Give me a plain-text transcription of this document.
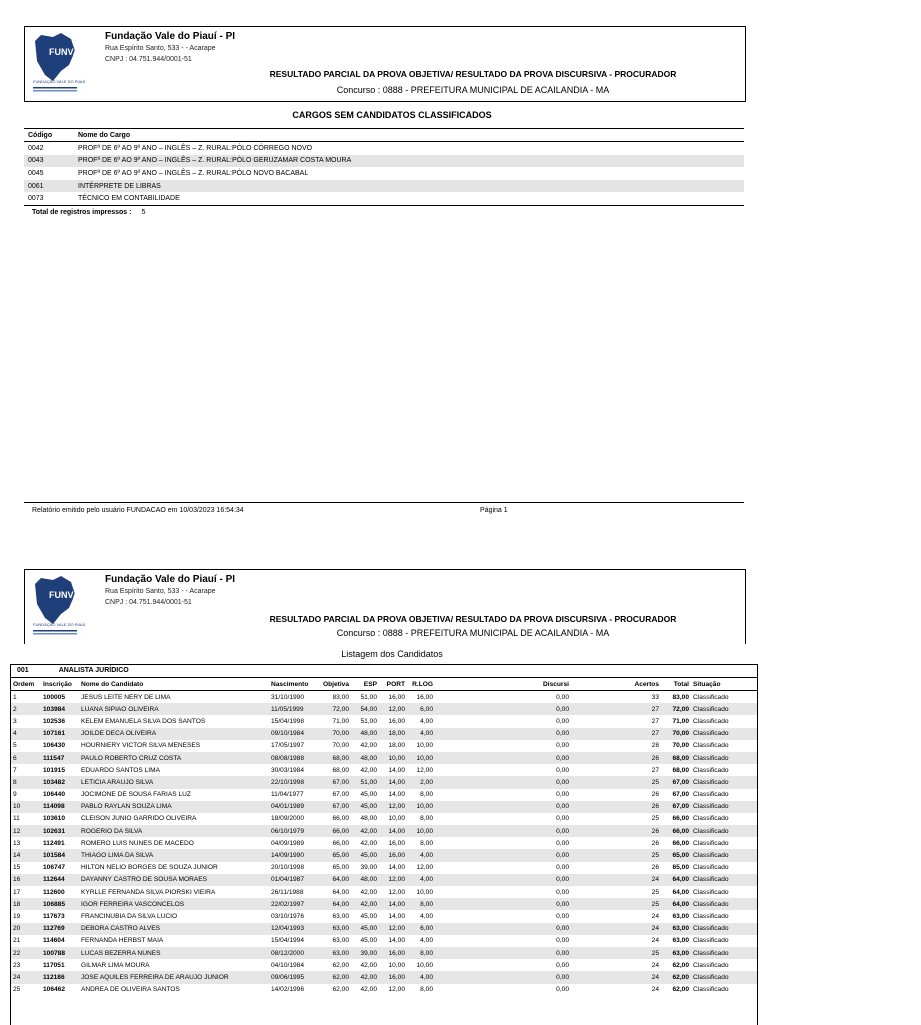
FUNVAPI
FUNDAÇÃO VALE DO PIAUÍ
Fundação Vale do Piauí - PI
Rua Espírito Santo, 533 - - Acarape
CNPJ : 04.751.944/0001-51
RESULTADO PARCIAL DA PROVA OBJETIVA/ RESULTADO DA PROVA DISCURSIVA - PROCURADOR
Concurso : 0888 - PREFEITURA MUNICIPAL DE ACAILANDIA - MA
CARGOS SEM CANDIDATOS CLASSIFICADOS
Código	Nome do Cargo
0042	PROFª DE 6º AO 9º ANO – INGLÊS – Z. RURAL:PÓLO CÓRREGO NOVO
0043	PROFª DE 6º AO 9º ANO – INGLÊS – Z. RURAL:PÓLO GERUZAMAR COSTA MOURA
0045	PROFª DE 6º AO 9º ANO – INGLÊS – Z. RURAL:PÓLO NOVO BACABAL
0061	INTÉRPRETE DE LIBRAS
0073	TÉCNICO EM CONTABILIDADE
Total de registros impressos : 5
Relatório emitido pelo usuário FUNDACAO em 10/03/2023 16:54:34	Página 1
FUNVAPI
FUNDAÇÃO VALE DO PIAUÍ
Fundação Vale do Piauí - PI
Rua Espírito Santo, 533 - - Acarape
CNPJ : 04.751.944/0001-51
RESULTADO PARCIAL DA PROVA OBJETIVA/ RESULTADO DA PROVA DISCURSIVA - PROCURADOR
Concurso : 0888 - PREFEITURA MUNICIPAL DE ACAILANDIA - MA
Listagem dos Candidatos
001	ANALISTA JURÍDICO
Ordem	Inscrição	Nome do Candidato	Nascimento	Objetiva	ESP	PORT	R.LOG	Discursi	Acertos	Total	Situação
1	100005	JESUS LEITE NERY DE LIMA	31/10/1990	83,00	51,00	16,00	16,00	0,00	33	83,00	Classificado
2	103984	LUANA SIPIAO OLIVEIRA	11/05/1999	72,00	54,00	12,00	6,00	0,00	27	72,00	Classificado
3	102536	KELEM EMANUELA SILVA DOS SANTOS	15/04/1998	71,00	51,00	16,00	4,00	0,00	27	71,00	Classificado
4	107161	JOILDE DECA OLIVEIRA	09/10/1984	70,00	48,00	18,00	4,00	0,00	27	70,00	Classificado
5	106430	HOURNIERY VICTOR SILVA MENESES	17/05/1997	70,00	42,00	18,00	10,00	0,00	28	70,00	Classificado
6	111547	PAULO ROBERTO CRUZ COSTA	08/08/1988	68,00	48,00	10,00	10,00	0,00	26	68,00	Classificado
7	101915	EDUARDO SANTOS LIMA	30/03/1984	68,00	42,00	14,00	12,00	0,00	27	68,00	Classificado
8	103482	LETICIA ARAUJO SILVA	22/10/1998	67,00	51,00	14,00	2,00	0,00	25	67,00	Classificado
9	106440	JOCIMONE DE SOUSA FARIAS LUZ	11/04/1977	67,00	45,00	14,00	8,00	0,00	26	67,00	Classificado
10	114098	PABLO RAYLAN SOUZA LIMA	04/01/1989	67,00	45,00	12,00	10,00	0,00	26	67,00	Classificado
11	103610	CLEISON JUNIO GARRIDO OLIVEIRA	18/09/2000	66,00	48,00	10,00	8,00	0,00	25	66,00	Classificado
12	102631	ROGERIO DA SILVA	06/10/1979	66,00	42,00	14,00	10,00	0,00	26	66,00	Classificado
13	112491	ROMERO LUIS NUNES DE MACEDO	04/09/1989	66,00	42,00	16,00	8,00	0,00	26	66,00	Classificado
14	101584	THIAGO LIMA DA SILVA	14/09/1990	65,00	45,00	16,00	4,00	0,00	25	65,00	Classificado
15	106747	HILTON NELIO BORGES DE SOUZA JUNIOR	20/10/1998	65,00	39,00	14,00	12,00	0,00	26	65,00	Classificado
16	112644	DAYANNY CASTRO DE SOUSA MORAES	01/04/1987	64,00	48,00	12,00	4,00	0,00	24	64,00	Classificado
17	112600	KYRLLE FERNANDA SILVA PIORSKI VIEIRA	26/11/1988	64,00	42,00	12,00	10,00	0,00	25	64,00	Classificado
18	106885	IGOR FERREIRA VASCONCELOS	22/02/1997	64,00	42,00	14,00	8,00	0,00	25	64,00	Classificado
19	117673	FRANCINUBIA DA SILVA LUCIO	03/10/1976	63,00	45,00	14,00	4,00	0,00	24	63,00	Classificado
20	112769	DEBORA CASTRO ALVES	12/04/1993	63,00	45,00	12,00	6,00	0,00	24	63,00	Classificado
21	114604	FERNANDA HERBST MAIA	15/04/1994	63,00	45,00	14,00	4,00	0,00	24	63,00	Classificado
22	100788	LUCAS BEZERRA NUNES	08/12/2000	63,00	39,00	16,00	8,00	0,00	25	63,00	Classificado
23	117051	GILMAR LIMA MOURA	04/10/1984	62,00	42,00	10,00	10,00	0,00	24	62,00	Classificado
24	112186	JOSE AQUILES FERREIRA DE ARAUJO JUNIOR	09/06/1995	62,00	42,00	16,00	4,00	0,00	24	62,00	Classificado
25	106462	ANDREA DE OLIVEIRA SANTOS	14/02/1996	62,00	42,00	12,00	8,00	0,00	24	62,00	Classificado
